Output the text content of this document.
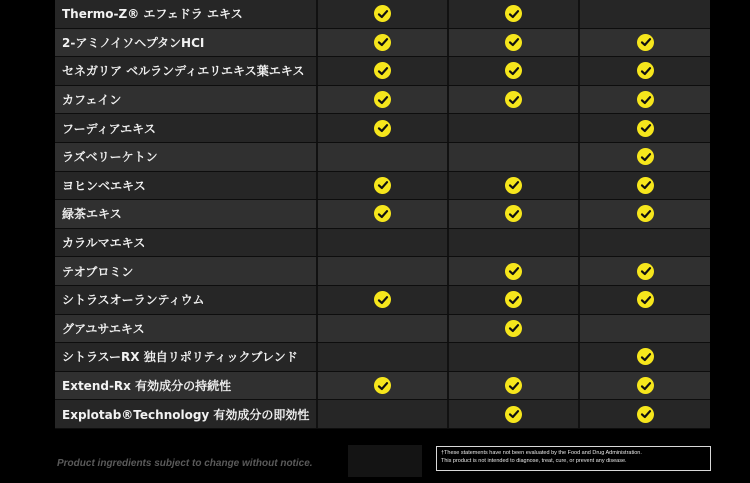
Thermo-Z® エフェドラ エキス
2-アミノイソヘプタンHCI
セネガリア ベルランディエリエキス葉エキス
カフェイン
フーディアエキス
ラズベリーケトン
ヨヒンベエキス
緑茶エキス
カラルマエキス
テオブロミン
シトラスオーランティウム
グアユサエキス
シトラスーRX 独自リポリティックブレンド
Extend-Rx 有効成分の持続性
Explotab®Technology 有効成分の即効性
Product ingredients subject to change without notice.
†These statements have not been evaluated by the Food and Drug Administration.
This product is not intended to diagnose, treat, cure, or prevent any disease.
